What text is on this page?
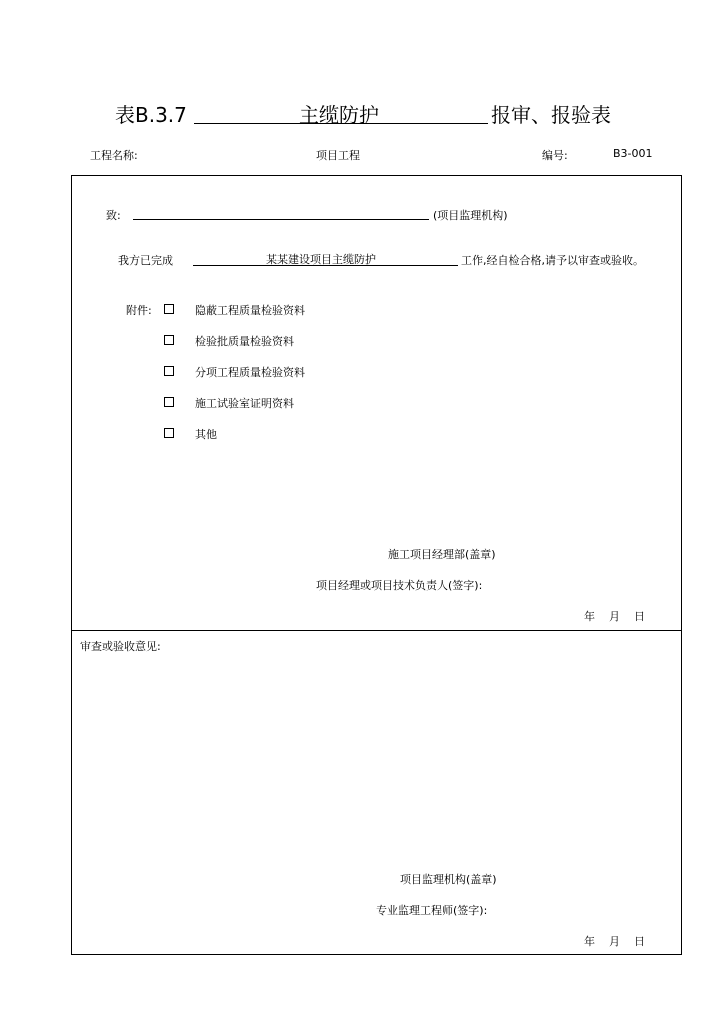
表B.3.7	主缆防护	报审、报验表
工程名称:	项目工程	编号:	B3-001
致:	(项目监理机构)
我方已完成	某某建设项目主缆防护	工作,经自检合格,请予以审查或验收。
附件:	隐蔽工程质量检验资料
检验批质量检验资料
分项工程质量检验资料
施工试验室证明资料
其他
施工项目经理部(盖章)
项目经理或项目技术负责人(签字):
年    月    日
审查或验收意见:
项目监理机构(盖章)
专业监理工程师(签字):
年    月    日
